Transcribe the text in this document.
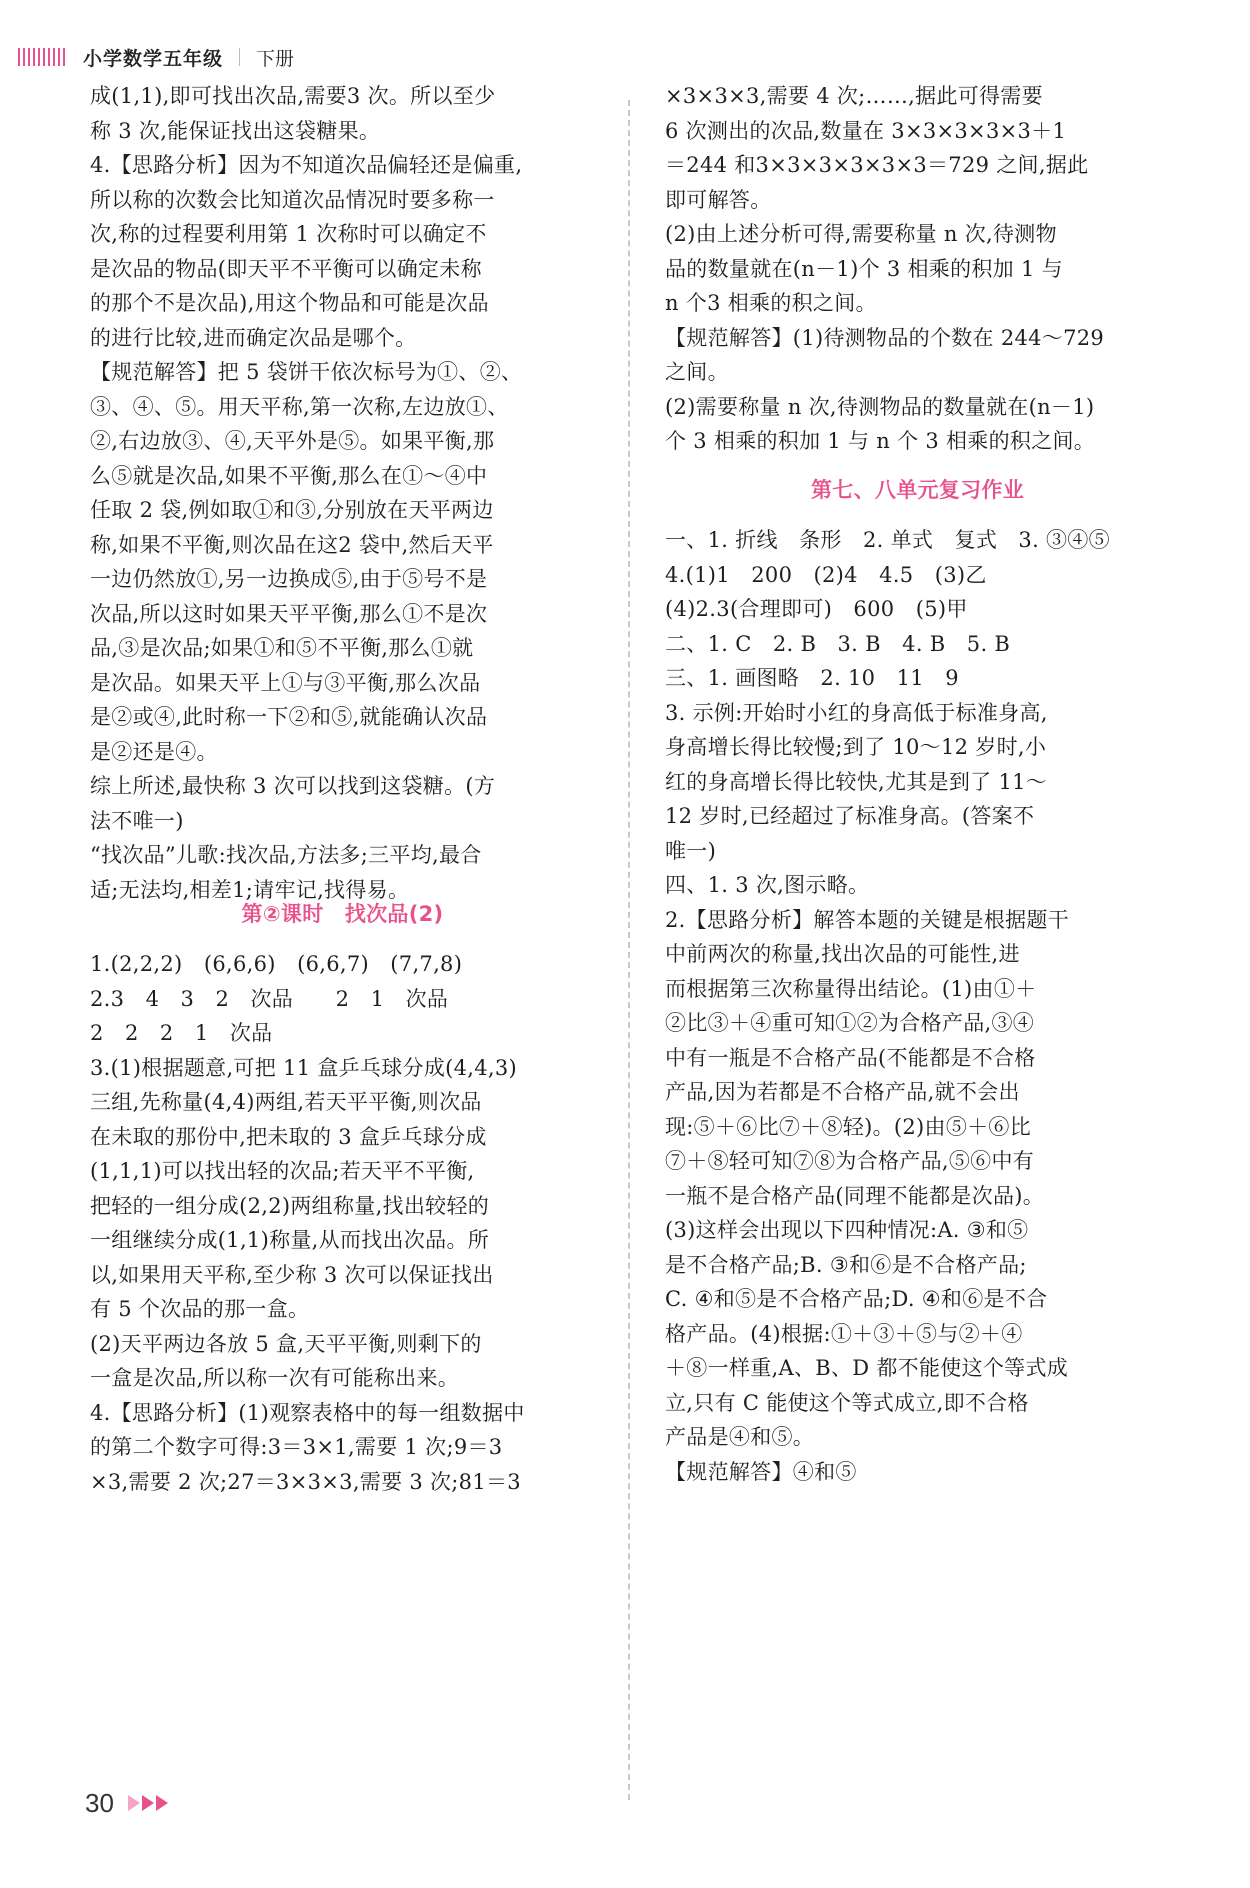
小学数学五年级 下册
成(1,1),即可找出次品,需要3 次。所以至少
称 3 次,能保证找出这袋糖果。
4.【思路分析】因为不知道次品偏轻还是偏重,
所以称的次数会比知道次品情况时要多称一
次,称的过程要利用第 1 次称时可以确定不
是次品的物品(即天平不平衡可以确定未称
的那个不是次品),用这个物品和可能是次品
的进行比较,进而确定次品是哪个。
【规范解答】把 5 袋饼干依次标号为①、②、
③、④、⑤。用天平称,第一次称,左边放①、
②,右边放③、④,天平外是⑤。如果平衡,那
么⑤就是次品,如果不平衡,那么在①～④中
任取 2 袋,例如取①和③,分别放在天平两边
称,如果不平衡,则次品在这2 袋中,然后天平
一边仍然放①,另一边换成⑤,由于⑤号不是
次品,所以这时如果天平平衡,那么①不是次
品,③是次品;如果①和⑤不平衡,那么①就
是次品。如果天平上①与③平衡,那么次品
是②或④,此时称一下②和⑤,就能确认次品
是②还是④。
综上所述,最快称 3 次可以找到这袋糖。(方
法不唯一)
“找次品”儿歌:找次品,方法多;三平均,最合
适;无法均,相差1;请牢记,找得易。
第②课时　找次品(2)
1.(2,2,2)　(6,6,6)　(6,6,7)　(7,7,8)
2.3　4　3　2　次品　　2　1　次品
2　2　2　1　次品
3.(1)根据题意,可把 11 盒乒乓球分成(4,4,3)
三组,先称量(4,4)两组,若天平平衡,则次品
在未取的那份中,把未取的 3 盒乒乓球分成
(1,1,1)可以找出轻的次品;若天平不平衡,
把轻的一组分成(2,2)两组称量,找出较轻的
一组继续分成(1,1)称量,从而找出次品。所
以,如果用天平称,至少称 3 次可以保证找出
有 5 个次品的那一盒。
(2)天平两边各放 5 盒,天平平衡,则剩下的
一盒是次品,所以称一次有可能称出来。
4.【思路分析】(1)观察表格中的每一组数据中
的第二个数字可得:3＝3×1,需要 1 次;9＝3
×3,需要 2 次;27＝3×3×3,需要 3 次;81＝3
×3×3×3,需要 4 次;……,据此可得需要
6 次测出的次品,数量在 3×3×3×3×3＋1
＝244 和3×3×3×3×3×3＝729 之间,据此
即可解答。
(2)由上述分析可得,需要称量 n 次,待测物
品的数量就在(n－1)个 3 相乘的积加 1 与
n 个3 相乘的积之间。
【规范解答】(1)待测物品的个数在 244～729
之间。
(2)需要称量 n 次,待测物品的数量就在(n－1)
个 3 相乘的积加 1 与 n 个 3 相乘的积之间。
第七、八单元复习作业
一、1. 折线　条形　2. 单式　复式　3. ③④⑤
4.(1)1　200　(2)4　4.5　(3)乙
(4)2.3(合理即可)　600　(5)甲
二、1. C　2. B　3. B　4. B　5. B
三、1. 画图略　2. 10　11　9
3. 示例:开始时小红的身高低于标准身高,
身高增长得比较慢;到了 10～12 岁时,小
红的身高增长得比较快,尤其是到了 11～
12 岁时,已经超过了标准身高。(答案不
唯一)
四、1. 3 次,图示略。
2.【思路分析】解答本题的关键是根据题干
中前两次的称量,找出次品的可能性,进
而根据第三次称量得出结论。(1)由①＋
②比③＋④重可知①②为合格产品,③④
中有一瓶是不合格产品(不能都是不合格
产品,因为若都是不合格产品,就不会出
现:⑤＋⑥比⑦＋⑧轻)。(2)由⑤＋⑥比
⑦＋⑧轻可知⑦⑧为合格产品,⑤⑥中有
一瓶不是合格产品(同理不能都是次品)。
(3)这样会出现以下四种情况:A. ③和⑤
是不合格产品;B. ③和⑥是不合格产品;
C. ④和⑤是不合格产品;D. ④和⑥是不合
格产品。(4)根据:①＋③＋⑤与②＋④
＋⑧一样重,A、B、D 都不能使这个等式成
立,只有 C 能使这个等式成立,即不合格
产品是④和⑤。
【规范解答】④和⑤
30
